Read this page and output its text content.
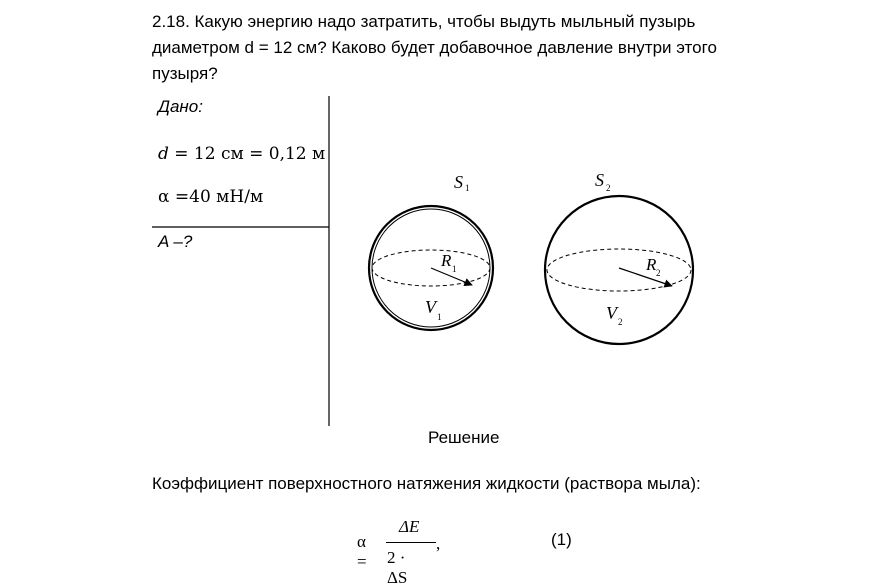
2.18. Какую энергию надо затратить, чтобы выдуть мыльный пузырь диаметром d = 12 см? Каково будет добавочное давление внутри этого пузыря?
Дано:
𝑑 = 12 см = 0,12 м
α =40 мН/м
A –?
S 1
R 1
V 1
S 2
R 2
V 2
Решение
Коэффициент поверхностного натяжения жидкости (раствора мыла):
α =
ΔE
2 · ΔS
,	(1)
